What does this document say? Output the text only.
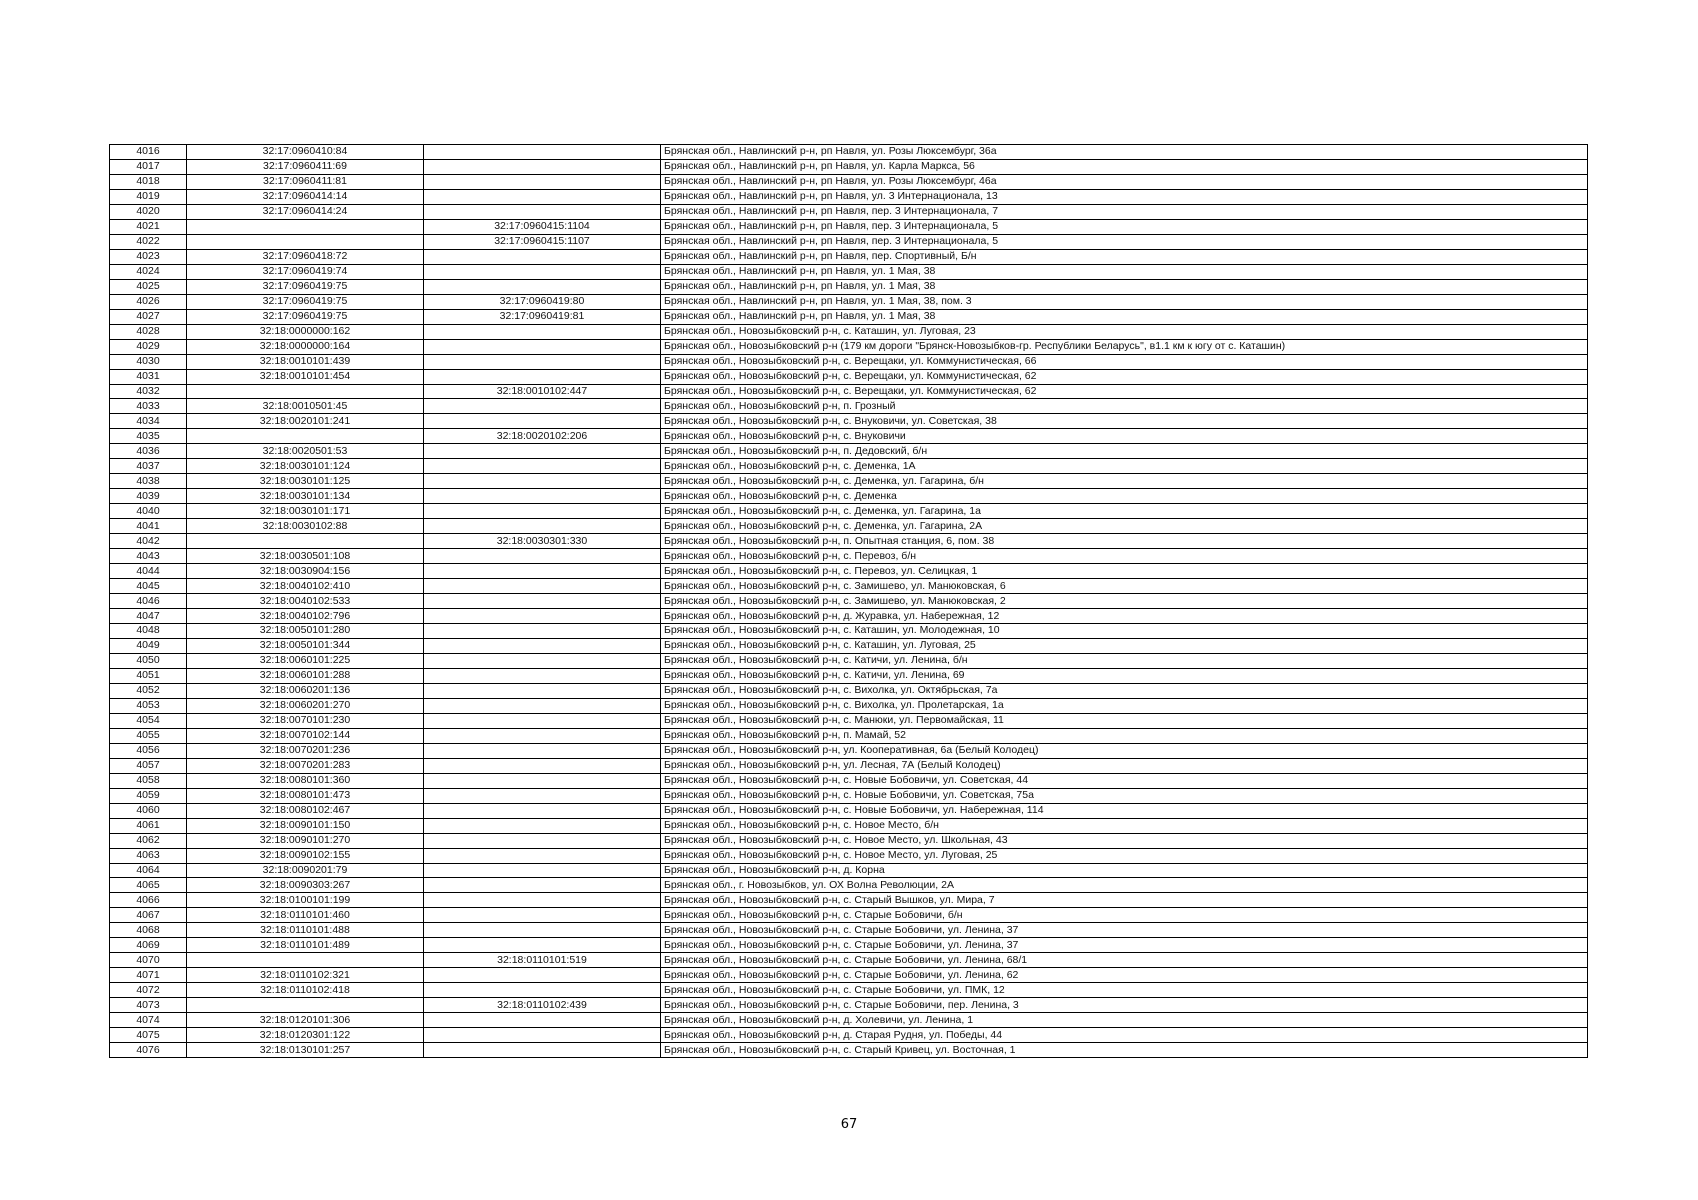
4016	32:17:0960410:84		Брянская обл., Навлинский р-н, рп Навля, ул. Розы Люксембург, 36а
4017	32:17:0960411:69		Брянская обл., Навлинский р-н, рп Навля, ул. Карла Маркса, 56
4018	32:17:0960411:81		Брянская обл., Навлинский р-н, рп Навля, ул. Розы Люксембург, 46а
4019	32:17:0960414:14		Брянская обл., Навлинский р-н, рп Навля, ул. 3 Интернационала, 13
4020	32:17:0960414:24		Брянская обл., Навлинский р-н, рп Навля, пер. 3 Интернационала, 7
4021		32:17:0960415:1104	Брянская обл., Навлинский р-н, рп Навля, пер. 3 Интернационала, 5
4022		32:17:0960415:1107	Брянская обл., Навлинский р-н, рп Навля, пер. 3 Интернационала, 5
4023	32:17:0960418:72		Брянская обл., Навлинский р-н, рп Навля, пер. Спортивный, Б/н
4024	32:17:0960419:74		Брянская обл., Навлинский р-н, рп Навля, ул. 1 Мая, 38
4025	32:17:0960419:75		Брянская обл., Навлинский р-н, рп Навля, ул. 1 Мая, 38
4026	32:17:0960419:75	32:17:0960419:80	Брянская обл., Навлинский р-н, рп Навля, ул. 1 Мая, 38, пом. 3
4027	32:17:0960419:75	32:17:0960419:81	Брянская обл., Навлинский р-н, рп Навля, ул. 1 Мая, 38
4028	32:18:0000000:162		Брянская обл., Новозыбковский р-н, с. Каташин, ул. Луговая, 23
4029	32:18:0000000:164		Брянская обл., Новозыбковский р-н (179 км дороги "Брянск-Новозыбков-гр. Республики Беларусь", в1.1 км к югу от с. Каташин)
4030	32:18:0010101:439		Брянская обл., Новозыбковский р-н, с. Верещаки, ул. Коммунистическая, 66
4031	32:18:0010101:454		Брянская обл., Новозыбковский р-н, с. Верещаки, ул. Коммунистическая, 62
4032		32:18:0010102:447	Брянская обл., Новозыбковский р-н, с. Верещаки, ул. Коммунистическая, 62
4033	32:18:0010501:45		Брянская обл., Новозыбковский р-н, п. Грозный
4034	32:18:0020101:241		Брянская обл., Новозыбковский р-н, с. Внуковичи, ул. Советская, 38
4035		32:18:0020102:206	Брянская обл., Новозыбковский р-н, с. Внуковичи
4036	32:18:0020501:53		Брянская обл., Новозыбковский р-н, п. Дедовский, б/н
4037	32:18:0030101:124		Брянская обл., Новозыбковский р-н, с. Деменка, 1А
4038	32:18:0030101:125		Брянская обл., Новозыбковский р-н, с. Деменка, ул. Гагарина, б/н
4039	32:18:0030101:134		Брянская обл., Новозыбковский р-н, с. Деменка
4040	32:18:0030101:171		Брянская обл., Новозыбковский р-н, с. Деменка, ул. Гагарина, 1а
4041	32:18:0030102:88		Брянская обл., Новозыбковский р-н, с. Деменка, ул. Гагарина, 2А
4042		32:18:0030301:330	Брянская обл., Новозыбковский р-н, п. Опытная станция, 6, пом. 38
4043	32:18:0030501:108		Брянская обл., Новозыбковский р-н, с. Перевоз, б/н
4044	32:18:0030904:156		Брянская обл., Новозыбковский р-н, с. Перевоз, ул. Селицкая, 1
4045	32:18:0040102:410		Брянская обл., Новозыбковский р-н, с. Замишево, ул. Манюковская, 6
4046	32:18:0040102:533		Брянская обл., Новозыбковский р-н, с. Замишево, ул. Манюковская, 2
4047	32:18:0040102:796		Брянская обл., Новозыбковский р-н, д. Журавка, ул. Набережная, 12
4048	32:18:0050101:280		Брянская обл., Новозыбковский р-н, с. Каташин, ул. Молодежная, 10
4049	32:18:0050101:344		Брянская обл., Новозыбковский р-н, с. Каташин, ул. Луговая, 25
4050	32:18:0060101:225		Брянская обл., Новозыбковский р-н, с. Катичи, ул. Ленина, б/н
4051	32:18:0060101:288		Брянская обл., Новозыбковский р-н, с. Катичи, ул. Ленина, 69
4052	32:18:0060201:136		Брянская обл., Новозыбковский р-н, с. Вихолка, ул. Октябрьская, 7а
4053	32:18:0060201:270		Брянская обл., Новозыбковский р-н, с. Вихолка, ул. Пролетарская, 1а
4054	32:18:0070101:230		Брянская обл., Новозыбковский р-н, с. Манюки, ул. Первомайская, 11
4055	32:18:0070102:144		Брянская обл., Новозыбковский р-н, п. Мамай, 52
4056	32:18:0070201:236		Брянская обл., Новозыбковский р-н, ул. Кооперативная, 6а (Белый Колодец)
4057	32:18:0070201:283		Брянская обл., Новозыбковский р-н, ул. Лесная, 7А (Белый Колодец)
4058	32:18:0080101:360		Брянская обл., Новозыбковский р-н, с. Новые Бобовичи, ул. Советская, 44
4059	32:18:0080101:473		Брянская обл., Новозыбковский р-н, с. Новые Бобовичи, ул. Советская, 75а
4060	32:18:0080102:467		Брянская обл., Новозыбковский р-н, с. Новые Бобовичи, ул. Набережная, 114
4061	32:18:0090101:150		Брянская обл., Новозыбковский р-н, с. Новое Место, б/н
4062	32:18:0090101:270		Брянская обл., Новозыбковский р-н, с. Новое Место, ул. Школьная, 43
4063	32:18:0090102:155		Брянская обл., Новозыбковский р-н, с. Новое Место, ул. Луговая, 25
4064	32:18:0090201:79		Брянская обл., Новозыбковский р-н, д. Корна
4065	32:18:0090303:267		Брянская обл., г. Новозыбков, ул. ОХ Волна Революции, 2А
4066	32:18:0100101:199		Брянская обл., Новозыбковский р-н, с. Старый Вышков, ул. Мира, 7
4067	32:18:0110101:460		Брянская обл., Новозыбковский р-н, с. Старые Бобовичи, б/н
4068	32:18:0110101:488		Брянская обл., Новозыбковский р-н, с. Старые Бобовичи, ул. Ленина, 37
4069	32:18:0110101:489		Брянская обл., Новозыбковский р-н, с. Старые Бобовичи, ул. Ленина, 37
4070		32:18:0110101:519	Брянская обл., Новозыбковский р-н, с. Старые Бобовичи, ул. Ленина, 68/1
4071	32:18:0110102:321		Брянская обл., Новозыбковский р-н, с. Старые Бобовичи, ул. Ленина, 62
4072	32:18:0110102:418		Брянская обл., Новозыбковский р-н, с. Старые Бобовичи, ул. ПМК, 12
4073		32:18:0110102:439	Брянская обл., Новозыбковский р-н, с. Старые Бобовичи, пер. Ленина, 3
4074	32:18:0120101:306		Брянская обл., Новозыбковский р-н, д. Холевичи, ул. Ленина, 1
4075	32:18:0120301:122		Брянская обл., Новозыбковский р-н, д. Старая Рудня, ул. Победы, 44
4076	32:18:0130101:257		Брянская обл., Новозыбковский р-н, с. Старый Кривец, ул. Восточная, 1
67
